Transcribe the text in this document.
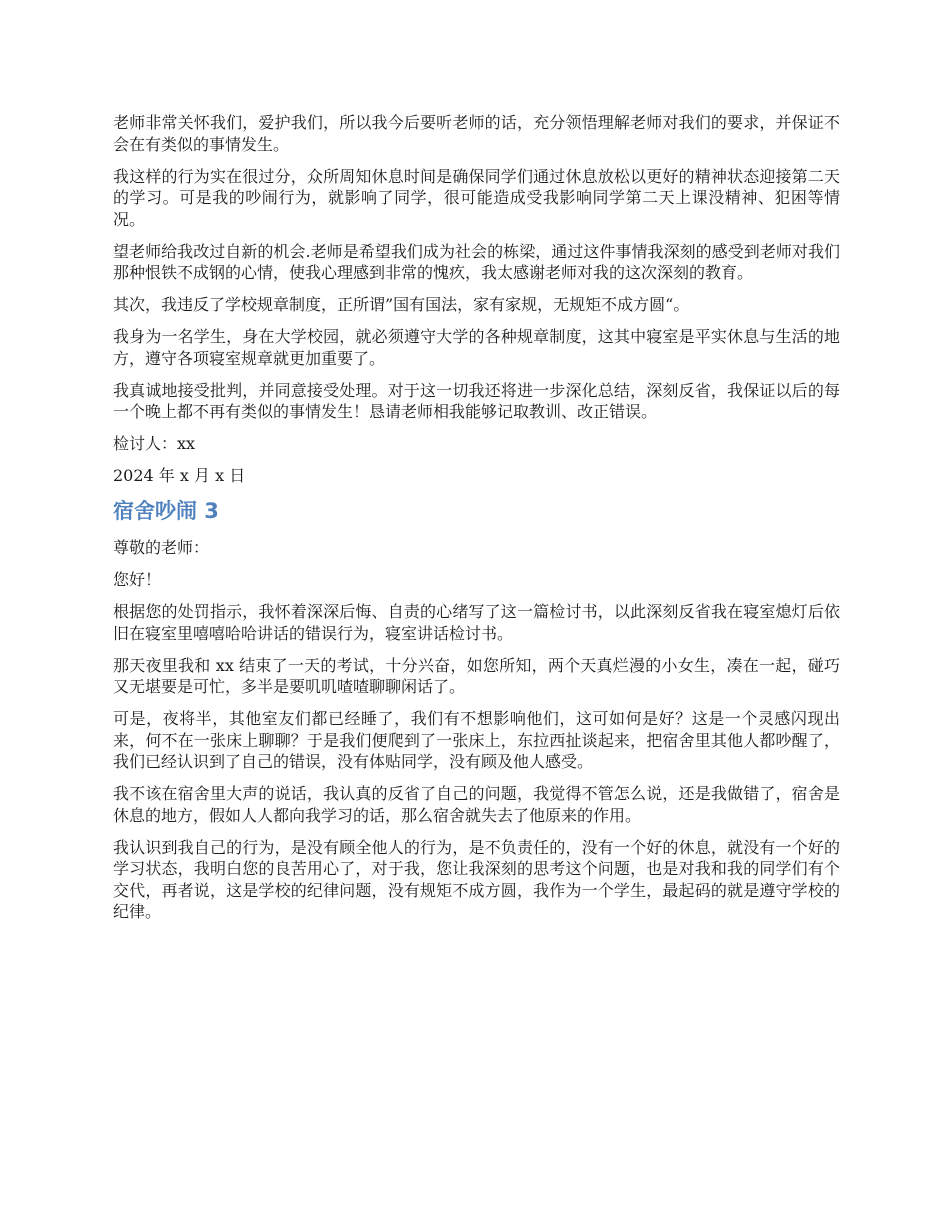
老师非常关怀我们，爱护我们，所以我今后要听老师的话，充分领悟理解老师对我们的要求，并保证不会在有类似的事情发生。

我这样的行为实在很过分，众所周知休息时间是确保同学们通过休息放松以更好的精神状态迎接第二天的学习。可是我的吵闹行为，就影响了同学，很可能造成受我影响同学第二天上课没精神、犯困等情况。

望老师给我改过自新的机会.老师是希望我们成为社会的栋梁，通过这件事情我深刻的感受到老师对我们那种恨铁不成钢的心情，使我心理感到非常的愧疚，我太感谢老师对我的这次深刻的教育。

其次，我违反了学校规章制度，正所谓”国有国法，家有家规，无规矩不成方圆“。

我身为一名学生，身在大学校园，就必须遵守大学的各种规章制度，这其中寝室是平实休息与生活的地方，遵守各项寝室规章就更加重要了。

我真诚地接受批判，并同意接受处理。对于这一切我还将进一步深化总结，深刻反省，我保证以后的每一个晚上都不再有类似的事情发生！恳请老师相我能够记取教训、改正错误。

检讨人：xx

2024 年 x 月 x 日

宿舍吵闹 3

尊敬的老师：

您好！

根据您的处罚指示，我怀着深深后悔、自责的心绪写了这一篇检讨书，以此深刻反省我在寝室熄灯后依旧在寝室里嘻嘻哈哈讲话的错误行为，寝室讲话检讨书。

那天夜里我和 xx 结束了一天的考试，十分兴奋，如您所知，两个天真烂漫的小女生，凑在一起，碰巧又无堪要是可忙，多半是要叽叽喳喳聊聊闲话了。

可是，夜将半，其他室友们都已经睡了，我们有不想影响他们，这可如何是好？这是一个灵感闪现出来，何不在一张床上聊聊？于是我们便爬到了一张床上，东拉西扯谈起来，把宿舍里其他人都吵醒了，我们已经认识到了自己的错误，没有体贴同学，没有顾及他人感受。

我不该在宿舍里大声的说话，我认真的反省了自己的问题，我觉得不管怎么说，还是我做错了，宿舍是休息的地方，假如人人都向我学习的话，那么宿舍就失去了他原来的作用。

我认识到我自己的行为，是没有顾全他人的行为，是不负责任的，没有一个好的休息，就没有一个好的学习状态，我明白您的良苦用心了，对于我，您让我深刻的思考这个问题，也是对我和我的同学们有个交代，再者说，这是学校的纪律问题，没有规矩不成方圆，我作为一个学生，最起码的就是遵守学校的纪律。
